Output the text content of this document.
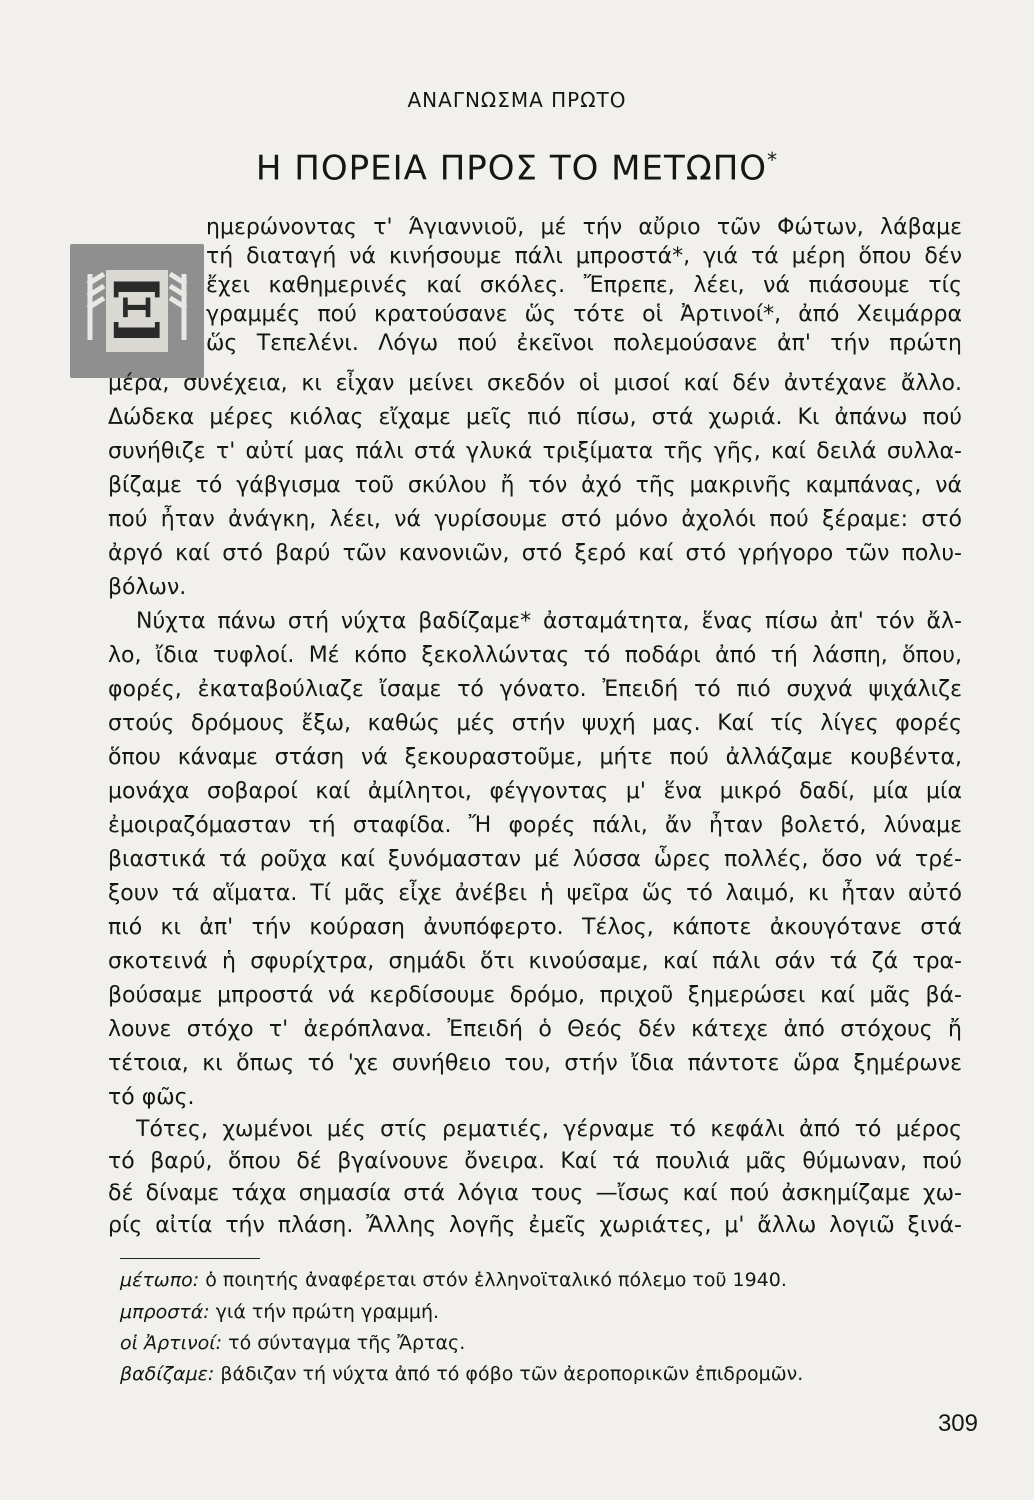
ΑΝΑΓΝΩΣΜΑ ΠΡΩΤΟ
Η ΠΟΡΕΙΑ ΠΡΟΣ ΤΟ ΜΕΤΩΠΟ*
Ξ
ημερώνοντας τ' Άγιαννιοῦ, μέ τήν αὔριο τῶν Φώτων, λάβαμε
τή διαταγή νά κινήσουμε πάλι μπροστά*, γιά τά μέρη ὅπου δέν
ἔχει καθημερινές καί σκόλες. Ἔπρεπε, λέει, νά πιάσουμε τίς
γραμμές πού κρατούσανε ὥς τότε οἱ Ἀρτινοί*, ἀπό Χειμάρρα
ὥς Τεπελένι. Λόγω πού ἐκεῖνοι πολεμούσανε ἀπ' τήν πρώτη
μέρα, συνέχεια, κι εἶχαν μείνει σκεδόν οἱ μισοί καί δέν ἀντέχανε ἄλλο.
Δώδεκα μέρες κιόλας εἴχαμε μεῖς πιό πίσω, στά χωριά. Κι ἀπάνω πού
συνήθιζε τ' αὐτί μας πάλι στά γλυκά τριξίματα τῆς γῆς, καί δειλά συλλα-
βίζαμε τό γάβγισμα τοῦ σκύλου ἤ τόν ἀχό τῆς μακρινῆς καμπάνας, νά
πού ἦταν ἀνάγκη, λέει, νά γυρίσουμε στό μόνο ἀχολόι πού ξέραμε: στό
ἀργό καί στό βαρύ τῶν κανονιῶν, στό ξερό καί στό γρήγορο τῶν πολυ-
βόλων.
Νύχτα πάνω στή νύχτα βαδίζαμε* ἀσταμάτητα, ἕνας πίσω ἀπ' τόν ἄλ-
λο, ἴδια τυφλοί. Μέ κόπο ξεκολλώντας τό ποδάρι ἀπό τή λάσπη, ὅπου,
φορές, ἐκαταβούλιαζε ἴσαμε τό γόνατο. Ἐπειδή τό πιό συχνά ψιχάλιζε
στούς δρόμους ἔξω, καθώς μές στήν ψυχή μας. Καί τίς λίγες φορές
ὅπου κάναμε στάση νά ξεκουραστοῦμε, μήτε πού ἀλλάζαμε κουβέντα,
μονάχα σοβαροί καί ἀμίλητοι, φέγγοντας μ' ἕνα μικρό δαδί, μία μία
ἐμοιραζόμασταν τή σταφίδα. Ἤ φορές πάλι, ἄν ἦταν βολετό, λύναμε
βιαστικά τά ροῦχα καί ξυνόμασταν μέ λύσσα ὧρες πολλές, ὅσο νά τρέ-
ξουν τά αἵματα. Τί μᾶς εἶχε ἀνέβει ἡ ψεῖρα ὥς τό λαιμό, κι ἦταν αὐτό
πιό κι ἀπ' τήν κούραση ἀνυπόφερτο. Τέλος, κάποτε ἀκουγότανε στά
σκοτεινά ἡ σφυρίχτρα, σημάδι ὅτι κινούσαμε, καί πάλι σάν τά ζά τρα-
βούσαμε μπροστά νά κερδίσουμε δρόμο, πριχοῦ ξημερώσει καί μᾶς βά-
λουνε στόχο τ' ἀερόπλανα. Ἐπειδή ὁ Θεός δέν κάτεχε ἀπό στόχους ἤ
τέτοια, κι ὅπως τό 'χε συνήθειο του, στήν ἴδια πάντοτε ὥρα ξημέρωνε
τό φῶς.
Τότες, χωμένοι μές στίς ρεματιές, γέρναμε τό κεφάλι ἀπό τό μέρος
τό βαρύ, ὅπου δέ βγαίνουνε ὄνειρα. Καί τά πουλιά μᾶς θύμωναν, πού
δέ δίναμε τάχα σημασία στά λόγια τους —ἴσως καί πού ἀσκημίζαμε χω-
ρίς αἰτία τήν πλάση. Ἄλλης λογῆς ἐμεῖς χωριάτες, μ' ἄλλω λογιῶ ξινά-
μέτωπο: ὁ ποιητής ἀναφέρεται στόν ἑλληνοϊταλικό πόλεμο τοῦ 1940.
μπροστά: γιά τήν πρώτη γραμμή.
οἱ Ἀρτινοί: τό σύνταγμα τῆς Ἄρτας.
βαδίζαμε: βάδιζαν τή νύχτα ἀπό τό φόβο τῶν ἀεροπορικῶν ἐπιδρομῶν.
309
